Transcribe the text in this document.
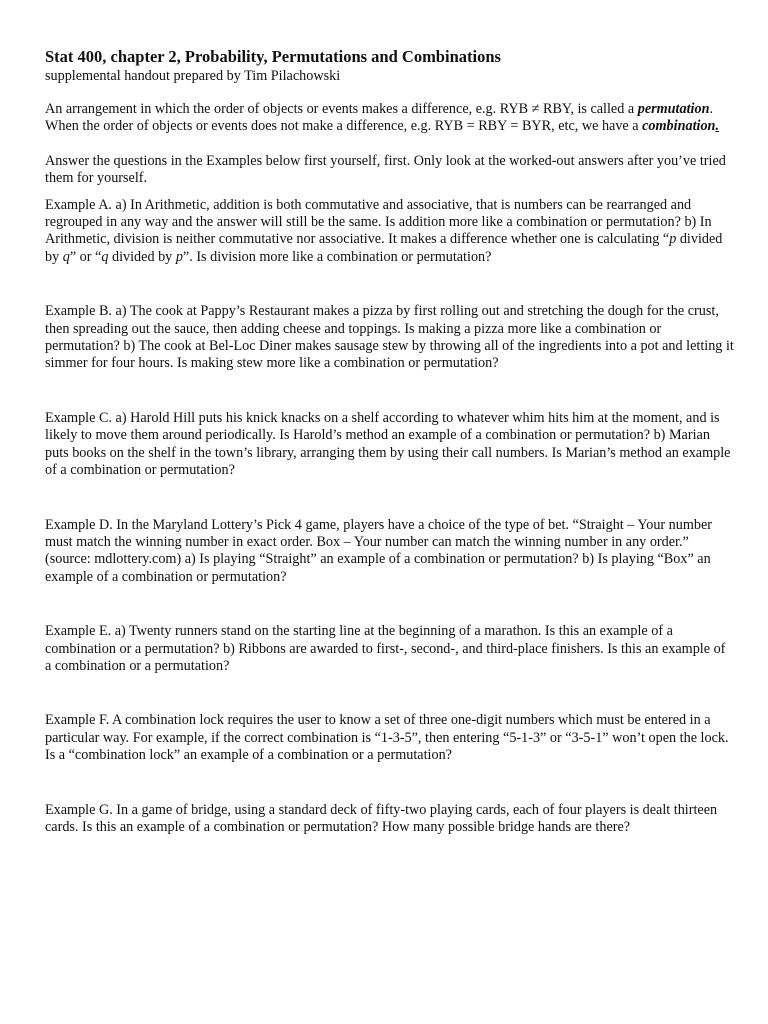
Stat 400, chapter 2, Probability, Permutations and Combinations
supplemental handout prepared by Tim Pilachowski

An arrangement in which the order of objects or events makes a difference, e.g. RYB ≠ RBY, is called a permutation. When the order of objects or events does not make a difference, e.g. RYB = RBY = BYR, etc, we have a combination.

Answer the questions in the Examples below first yourself, first. Only look at the worked-out answers after you’ve tried them for yourself.

Example A. a) In Arithmetic, addition is both commutative and associative, that is numbers can be rearranged and regrouped in any way and the answer will still be the same. Is addition more like a combination or permutation? b) In Arithmetic, division is neither commutative nor associative. It makes a difference whether one is calculating “p divided by q” or “q divided by p”. Is division more like a combination or permutation?

Example B. a) The cook at Pappy’s Restaurant makes a pizza by first rolling out and stretching the dough for the crust, then spreading out the sauce, then adding cheese and toppings. Is making a pizza more like a combination or permutation? b) The cook at Bel-Loc Diner makes sausage stew by throwing all of the ingredients into a pot and letting it simmer for four hours. Is making stew more like a combination or permutation?

Example C. a) Harold Hill puts his knick knacks on a shelf according to whatever whim hits him at the moment, and is likely to move them around periodically. Is Harold’s method an example of a combination or permutation? b) Marian puts books on the shelf in the town’s library, arranging them by using their call numbers. Is Marian’s method an example of a combination or permutation?

Example D. In the Maryland Lottery’s Pick 4 game, players have a choice of the type of bet. “Straight – Your number must match the winning number in exact order. Box – Your number can match the winning number in any order.” (source: mdlottery.com) a) Is playing “Straight” an example of a combination or permutation? b) Is playing “Box” an example of a combination or permutation?

Example E. a) Twenty runners stand on the starting line at the beginning of a marathon. Is this an example of a combination or a permutation? b) Ribbons are awarded to first-, second-, and third-place finishers. Is this an example of a combination or a permutation?

Example F. A combination lock requires the user to know a set of three one-digit numbers which must be entered in a particular way. For example, if the correct combination is “1-3-5”, then entering “5-1-3” or “3-5-1” won’t open the lock. Is a “combination lock” an example of a combination or a permutation?

Example G. In a game of bridge, using a standard deck of fifty-two playing cards, each of four players is dealt thirteen cards. Is this an example of a combination or permutation? How many possible bridge hands are there?
